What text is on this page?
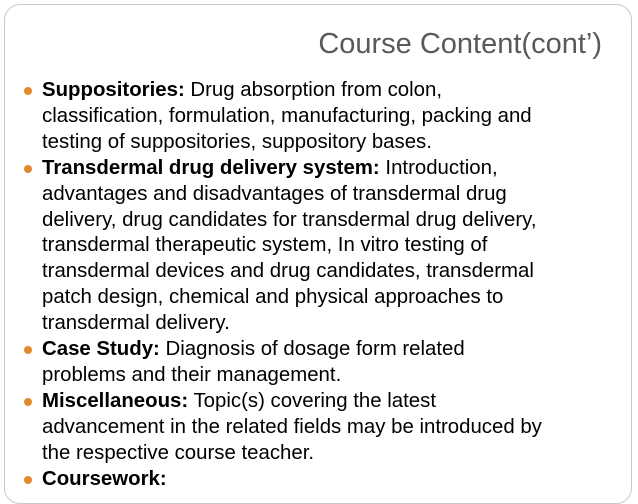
Course Content(cont’)
Suppositories: Drug absorption from colon,
classification, formulation, manufacturing, packing and
testing of suppositories, suppository bases.
Transdermal drug delivery system: Introduction,
advantages and disadvantages of transdermal drug
delivery, drug candidates for transdermal drug delivery,
transdermal therapeutic system, In vitro testing of
transdermal devices and drug candidates, transdermal
patch design, chemical and physical approaches to
transdermal delivery.
Case Study: Diagnosis of dosage form related
problems and their management.
Miscellaneous: Topic(s) covering the latest
advancement in the related fields may be introduced by
the respective course teacher.
Coursework:
